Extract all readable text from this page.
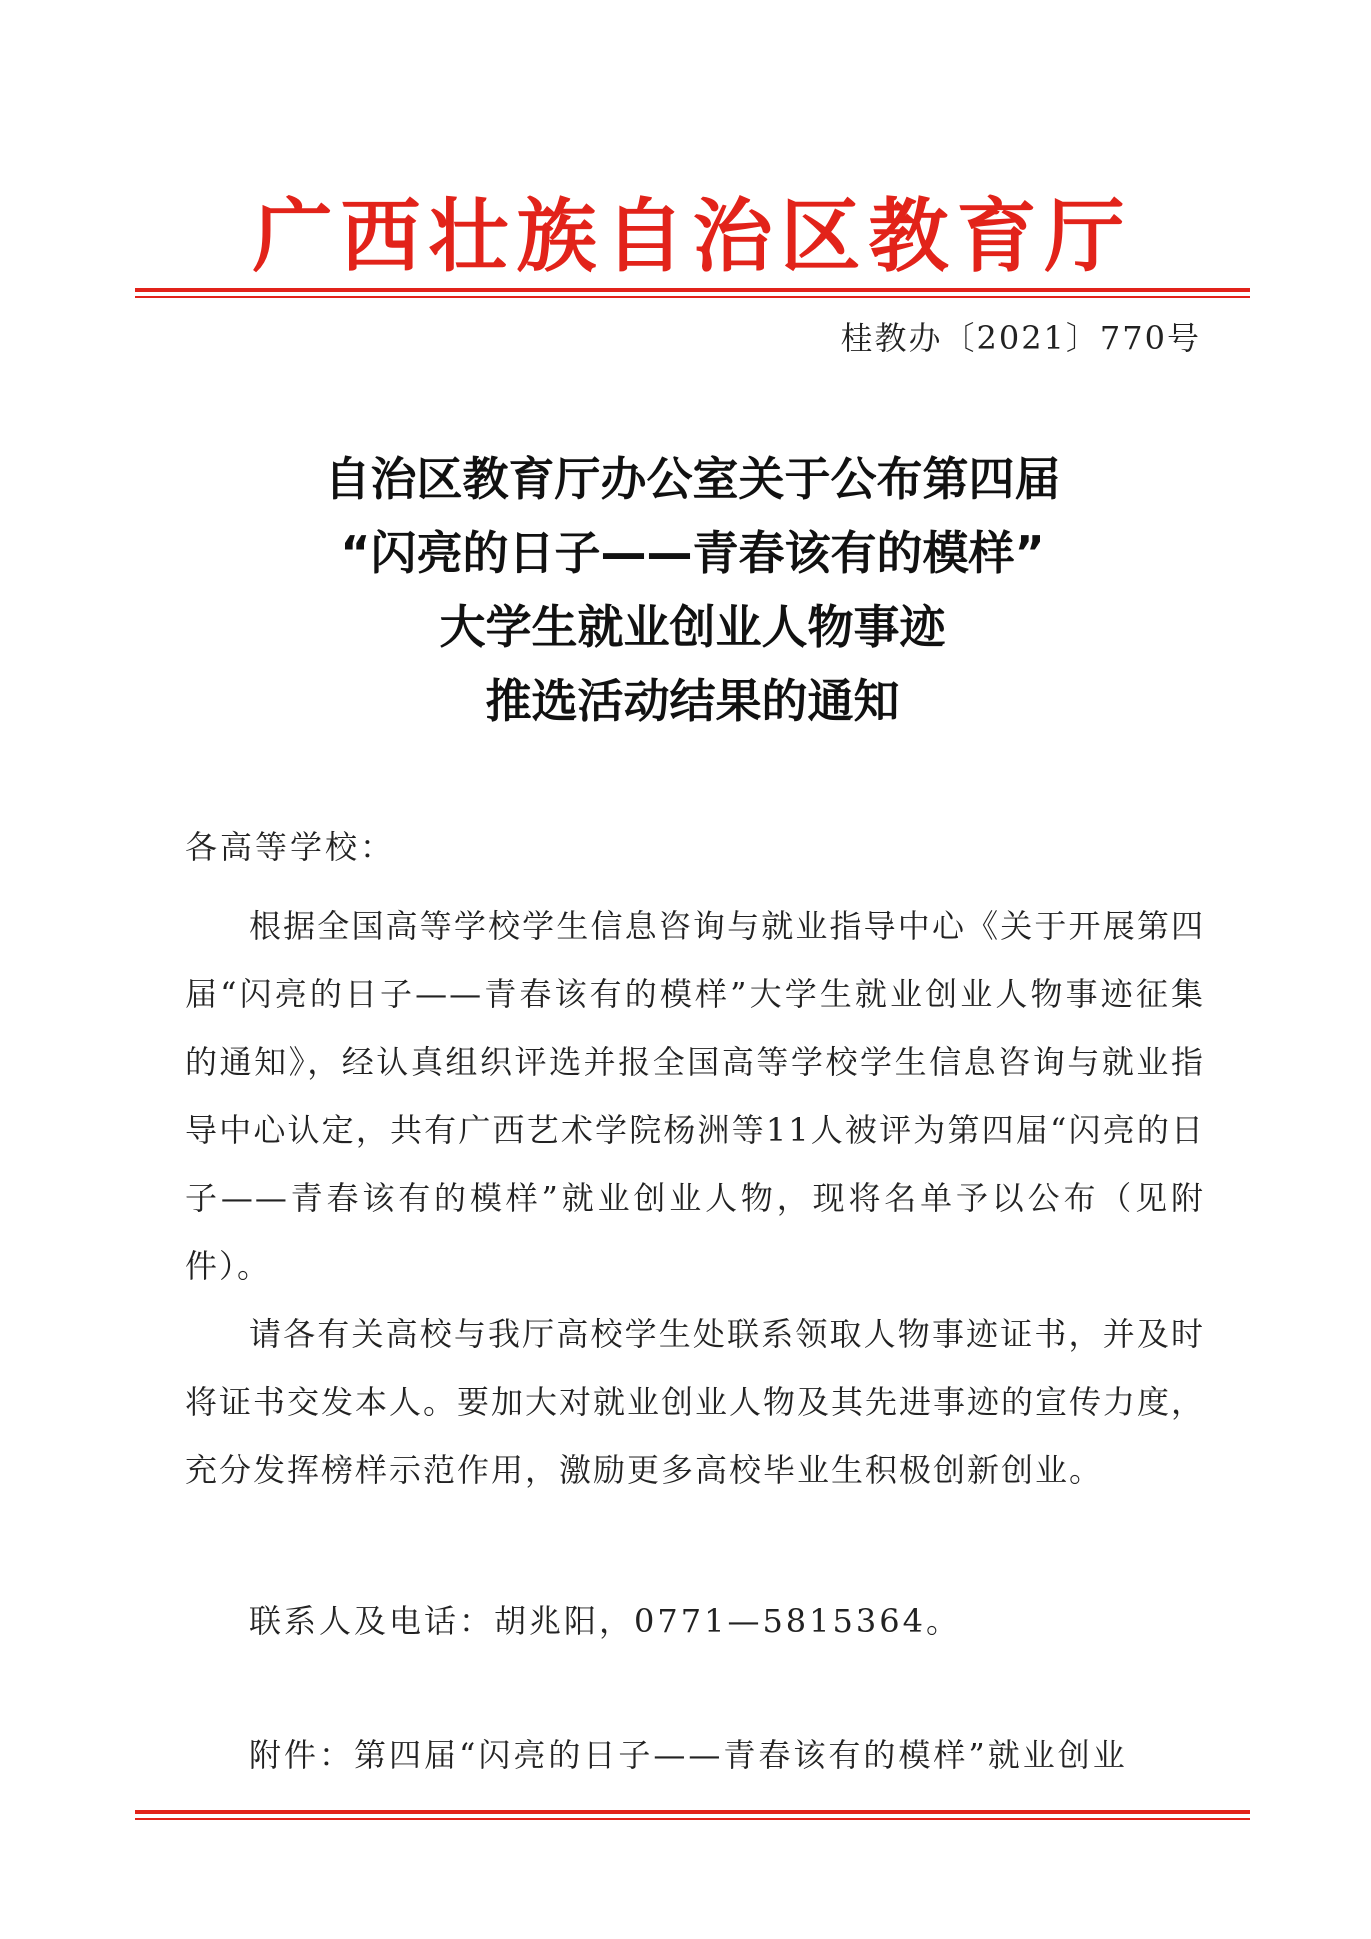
广西壮族自治区教育厅
桂教办〔2021〕770号
自治区教育厅办公室关于公布第四届
“闪亮的日子——青春该有的模样”
大学生就业创业人物事迹
推选活动结果的通知
各高等学校：

根据全国高等学校学生信息咨询与就业指导中心《关于开展第四届“闪亮的日子——青春该有的模样”大学生就业创业人物事迹征集的通知》，经认真组织评选并报全国高等学校学生信息咨询与就业指导中心认定，共有广西艺术学院杨洲等11人被评为第四届“闪亮的日子——青春该有的模样”就业创业人物，现将名单予以公布（见附件）。

请各有关高校与我厅高校学生处联系领取人物事迹证书，并及时将证书交发本人。要加大对就业创业人物及其先进事迹的宣传力度，充分发挥榜样示范作用，激励更多高校毕业生积极创新创业。

联系人及电话：胡兆阳，0771—5815364。
附件：第四届“闪亮的日子——青春该有的模样”就业创业
